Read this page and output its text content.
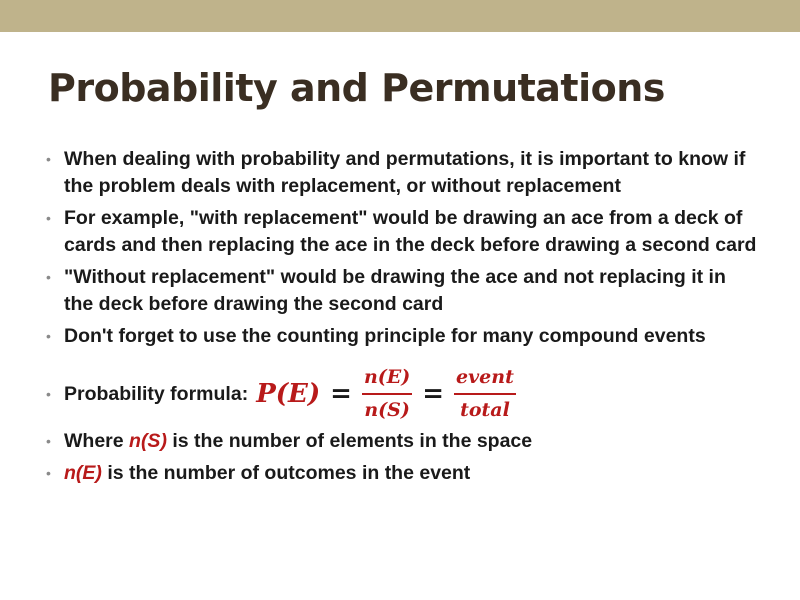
Probability and Permutations
• When dealing with probability and permutations, it is important to know if the problem deals with replacement, or without replacement
• For example, "with replacement" would be drawing an ace from a deck of cards and then replacing the ace in the deck before drawing a second card
• "Without replacement" would be drawing the ace and not replacing it in the deck before drawing the second card
• Don't forget to use the counting principle for many compound events
• Probability formula: $P(E) = \frac{n(E)}{n(S)} = \frac{\text{event}}{\text{total}}$
• Where n(S) is the number of elements in the space
• n(E) is the number of outcomes in the event
